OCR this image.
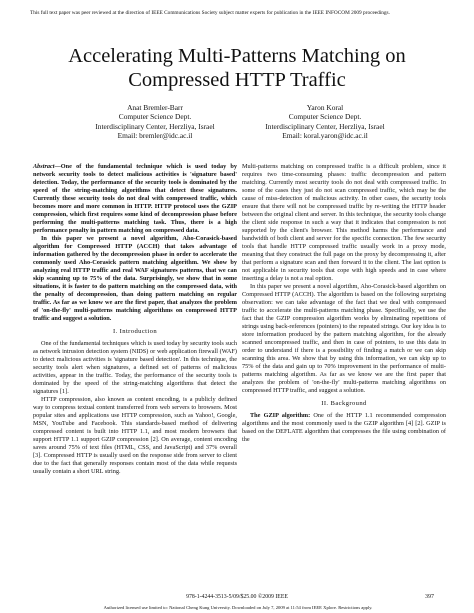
This full text paper was peer reviewed at the direction of IEEE Communications Society subject matter experts for publication in the IEEE INFOCOM 2009 proceedings.
Accelerating Multi-Patterns Matching on
Compressed HTTP Traffic
Anat Bremler-Barr
Computer Science Dept.
Interdisciplinary Center, Herzliya, Israel
Email: bremler@idc.ac.il
Yaron Koral
Computer Science Dept.
Interdisciplinary Center, Herzliya, Israel
Email: koral.yaron@idc.ac.il

Abstract—One of the fundamental technique which is used today by network security tools to detect malicious activities is 'signature based' detection. Today, the performance of the security tools is dominated by the speed of the string-matching algorithms that detect these signatures. Currently these security tools do not deal with compressed traffic, which becomes more and more common in HTTP. HTTP protocol uses the GZIP compression, which first requires some kind of decompression phase before performing the multi-patterns matching task. Thus, there is a high performance penalty in pattern matching on compressed data.

In this paper we present a novel algorithm, Aho-Corasick-based algorithm for Compressed HTTP (ACCH) that takes advantage of information gathered by the decompression phase in order to accelerate the commonly used Aho-Corasick pattern matching algorithm. We show by analyzing real HTTP traffic and real WAF signatures patterns, that we can skip scanning up to 75% of the data. Surprisingly, we show that in some situations, it is faster to do pattern matching on the compressed data, with the penalty of decompression, than doing pattern matching on regular traffic. As far as we know we are the first paper, that analyzes the problem of 'on-the-fly' multi-patterns matching algorithms on compressed HTTP traffic and suggest a solution.

I. Introduction

One of the fundamental techniques which is used today by security tools such as network intrusion detection system (NIDS) or web application firewall (WAF) to detect malicious activities is 'signature based detection'. In this technique, the security tools alert when signatures, a defined set of patterns of malicious activities, appear in the traffic. Today, the performance of the security tools is dominated by the speed of the string-matching algorithms that detect the signatures [1].

HTTP compression, also known as content encoding, is a publicly defined way to compress textual content transferred from web servers to browsers. Most popular sites and applications use HTTP compression, such as Yahoo!, Google, MSN, YouTube and Facebook. This standards-based method of delivering compressed content is built into HTTP 1.1, and most modern browsers that support HTTP 1.1 support GZIP compression [2]. On average, content encoding saves around 75% of text files (HTML, CSS, and JavaScript) and 37% overall [3]. Compressed HTTP is usually used on the response side from server to client due to the fact that generally responses contain most of the data while requests usually contain a short URL string.

Multi-patterns matching on compressed traffic is a difficult problem, since it requires two time-consuming phases: traffic decompression and pattern matching. Currently most security tools do not deal with compressed traffic. In some of the cases they just do not scan compressed traffic, which may be the cause of miss-detection of malicious activity. In other cases, the security tools ensure that there will not be compressed traffic by re-writing the HTTP header between the original client and server. In this technique, the security tools change the client side response in such a way that it indicates that compression is not supported by the client's browser. This method harms the performance and bandwidth of both client and server for the specific connection. The few security tools that handle HTTP compressed traffic usually work in a proxy mode, meaning that they construct the full page on the proxy by decompressing it, after that perform a signature scan and then forward it to the client. The last option is not applicable in security tools that cope with high speeds and in case where inserting a delay is not a real option.

In this paper we present a novel algorithm, Aho-Corasick-based algorithm on Compressed HTTP (ACCH). The algorithm is based on the following surprising observation: we can take advantage of the fact that we deal with compressed traffic to accelerate the multi-patterns matching phase. Specifically, we use the fact that the GZIP compression algorithm works by eliminating repetitions of strings using back-references (pointers) to the repeated strings. Our key idea is to store information produced by the pattern matching algorithm, for the already scanned uncompressed traffic, and then in case of pointers, to use this data in order to understand if there is a possibility of finding a match or we can skip scanning this area. We show that by using this information, we can skip up to 75% of the data and gain up to 70% improvement in the performance of multi-patterns matching algorithm. As far as we know we are the first paper that analyzes the problem of 'on-the-fly' multi-patterns matching algorithms on compressed HTTP traffic, and suggest a solution.

II. Background

The GZIP algorithm: One of the HTTP 1.1 recommended compression algorithms and the most commonly used is the GZIP algorithm [4] [2]. GZIP is based on the DEFLATE algorithm that compresses the file using combination of the

978-1-4244-3513-5/09/$25.00 ©2009 IEEE	397
Authorized licensed use limited to: National Cheng Kung University. Downloaded on July 7, 2009 at 11:54 from IEEE Xplore. Restrictions apply.
